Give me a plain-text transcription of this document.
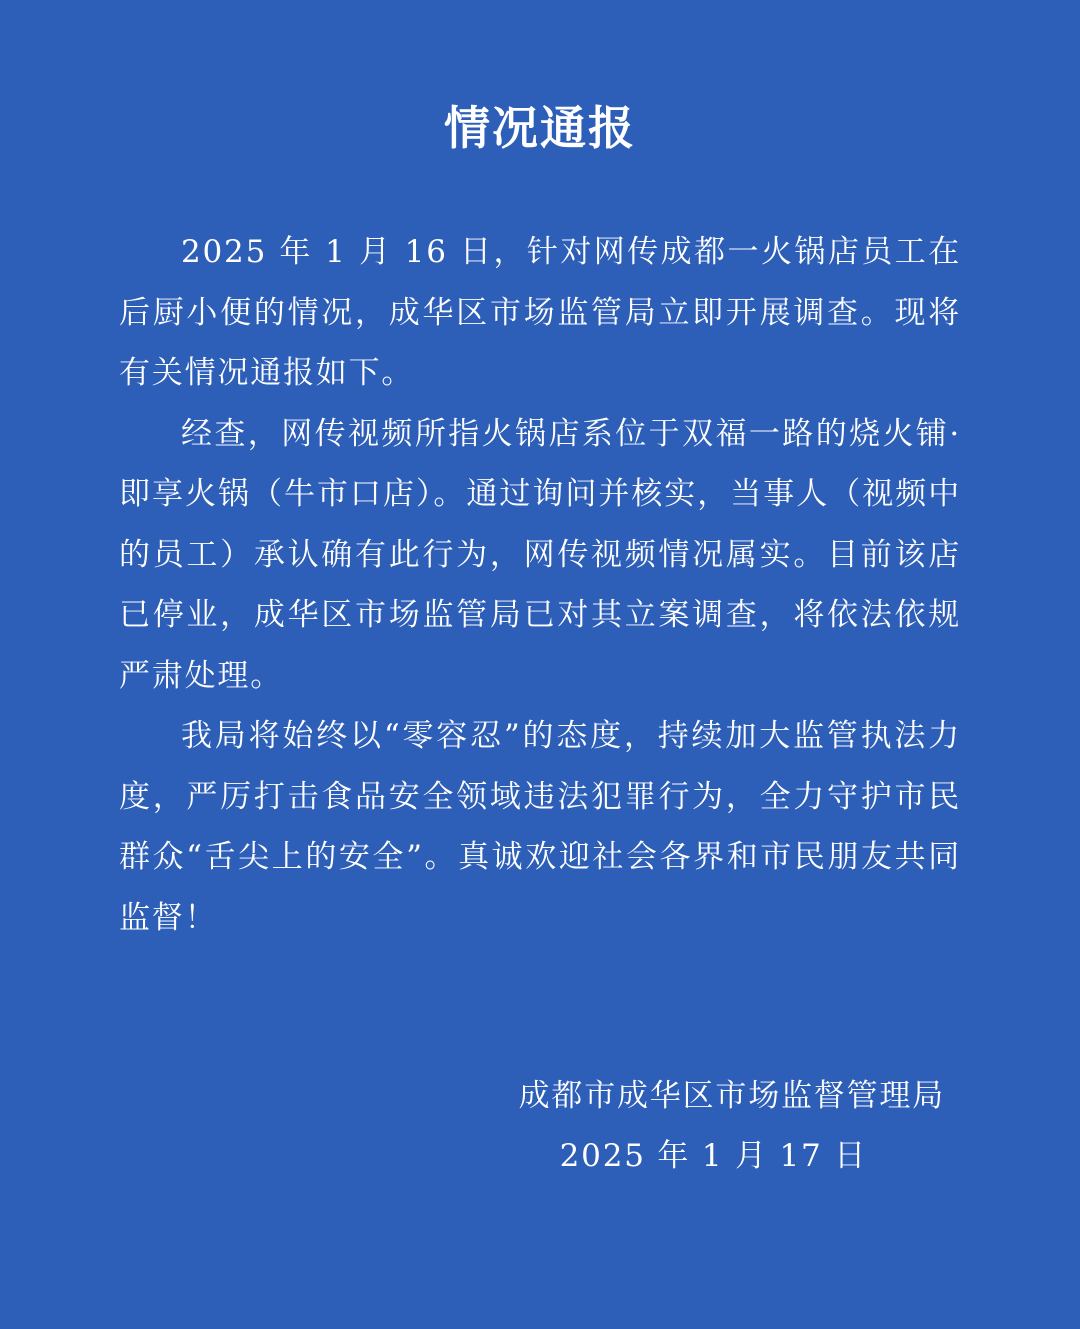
情况通报

2025 年 1 月 16 日，针对网传成都一火锅店员工在后厨小便的情况，成华区市场监管局立即开展调查。现将有关情况通报如下。

经查，网传视频所指火锅店系位于双福一路的烧火铺·即享火锅（牛市口店）。通过询问并核实，当事人（视频中的员工）承认确有此行为，网传视频情况属实。目前该店已停业，成华区市场监管局已对其立案调查，将依法依规严肃处理。

我局将始终以“零容忍”的态度，持续加大监管执法力度，严厉打击食品安全领域违法犯罪行为，全力守护市民群众“舌尖上的安全”。真诚欢迎社会各界和市民朋友共同监督！

成都市成华区市场监督管理局
2025 年 1 月 17 日
